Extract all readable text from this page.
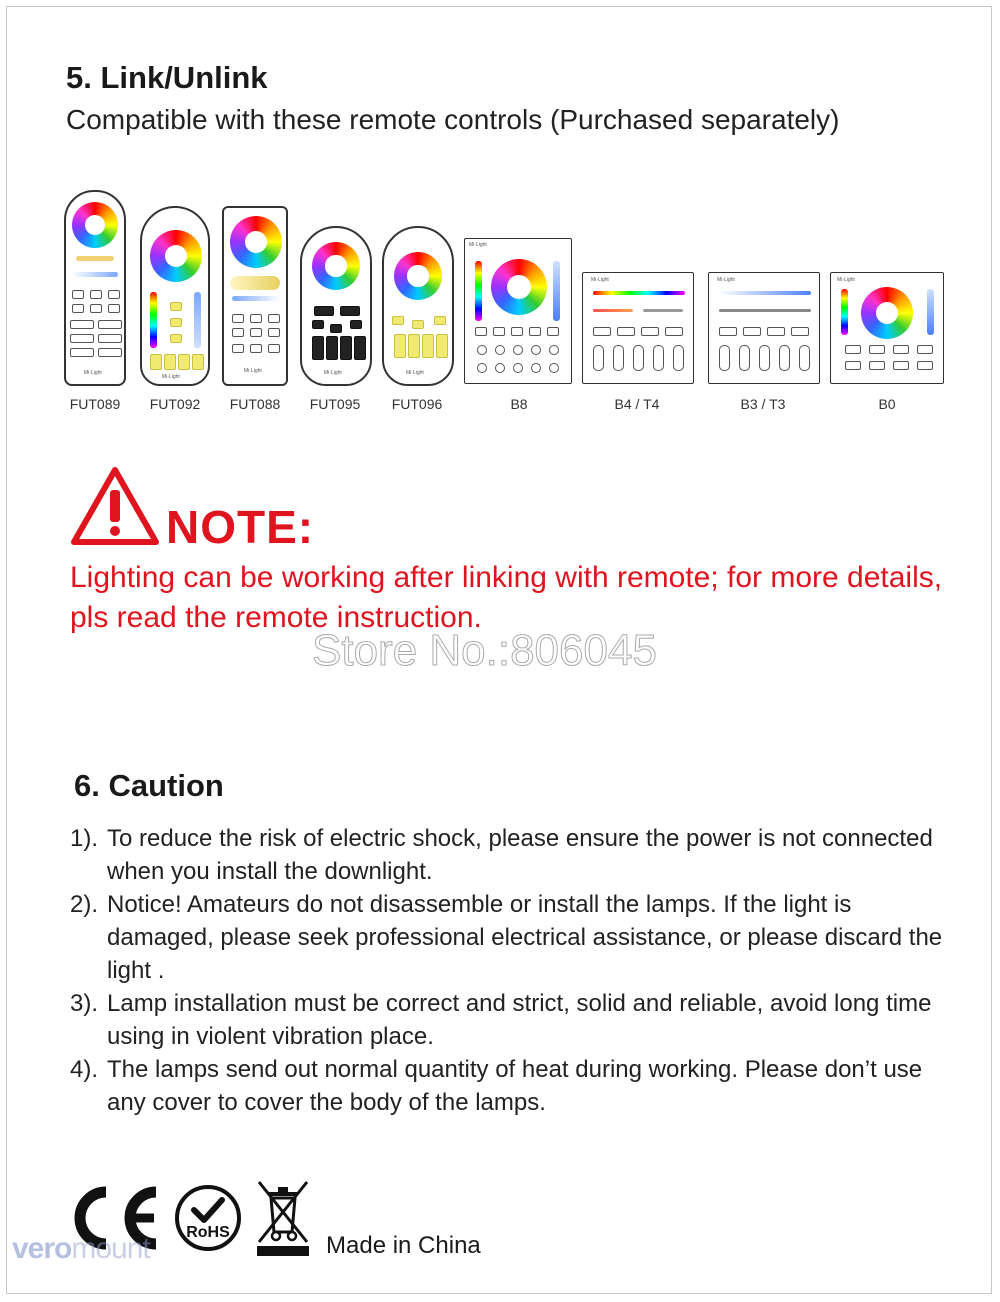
5. Link/Unlink

Compatible with these remote controls (Purchased separately)

Mi·Light
Mi·Light
Mi·Light	Mi·Light	Mi·Light
Mi·Light
Mi·Light	Mi·Light	Mi·Light
FUT089	FUT092	FUT088	FUT095	FUT096	B8	B4 / T4	B3 / T3	B0
NOTE:
Lighting can be working after linking with remote; for more details, pls read the remote instruction.
Store No.:806045
6. Caution
1). To reduce the risk of electric shock, please ensure the power is not connected when you install the downlight.
2). Notice! Amateurs do not disassemble or install the lamps. If the light is damaged, please seek professional electrical assistance, or please discard the light .
3). Lamp installation must be correct and strict, solid and reliable, avoid long time using in violent vibration place.
4). The lamps send out normal quantity of heat during working. Please don’t use any cover to cover the body of the lamps.
RoHS	Made in China
veromount
